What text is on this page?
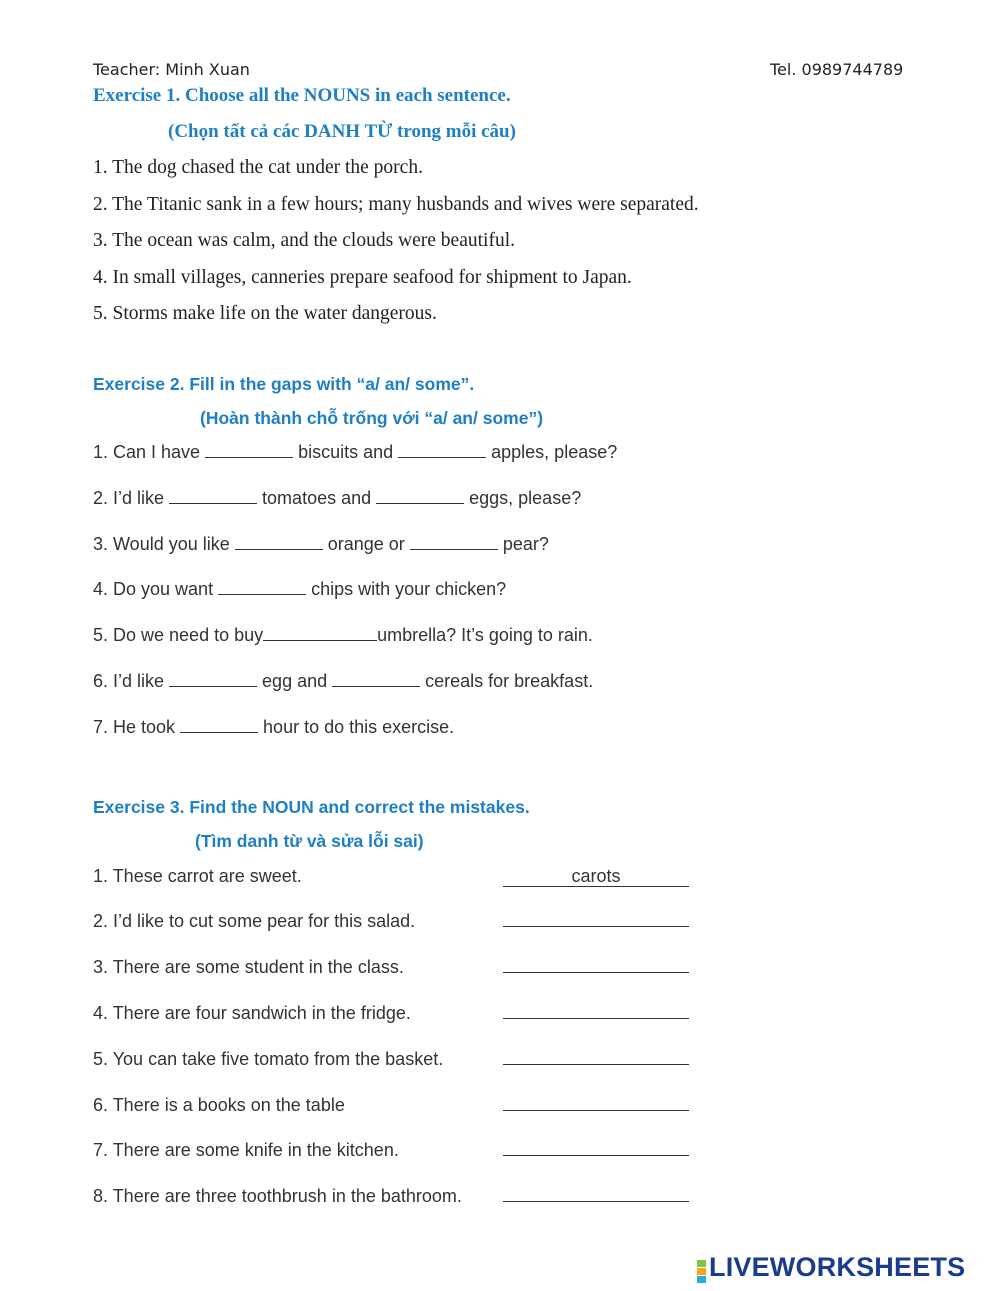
Teacher: Minh Xuan	Tel. 0989744789
Exercise 1. Choose all the NOUNS in each sentence.
(Chọn tất cả các DANH TỪ trong mỗi câu)
1. The dog chased the cat under the porch.
2. The Titanic sank in a few hours; many husbands and wives were separated.
3. The ocean was calm, and the clouds were beautiful.
4. In small villages, canneries prepare seafood for shipment to Japan.
5. Storms make life on the water dangerous.
Exercise 2. Fill in the gaps with “a/ an/ some”.
(Hoàn thành chỗ trống với “a/ an/ some”)
1. Can I have	biscuits and	apples, please?
2. I’d like	tomatoes and	eggs, please?
3. Would you like	orange or	pear?
4. Do you want	chips with your chicken?
5. Do we need to buy	umbrella? It’s going to rain.
6. I’d like	egg and	cereals for breakfast.
7. He took	hour to do this exercise.
Exercise 3. Find the NOUN and correct the mistakes.
(Tìm danh từ và sửa lỗi sai)
1. These carrot are sweet.	carots
2. I’d like to cut some pear for this salad.
3. There are some student in the class.
4. There are four sandwich in the fridge.
5. You can take five tomato from the basket.
6. There is a books on the table
7. There are some knife in the kitchen.
8. There are three toothbrush in the bathroom.
LIVEWORKSHEETS
